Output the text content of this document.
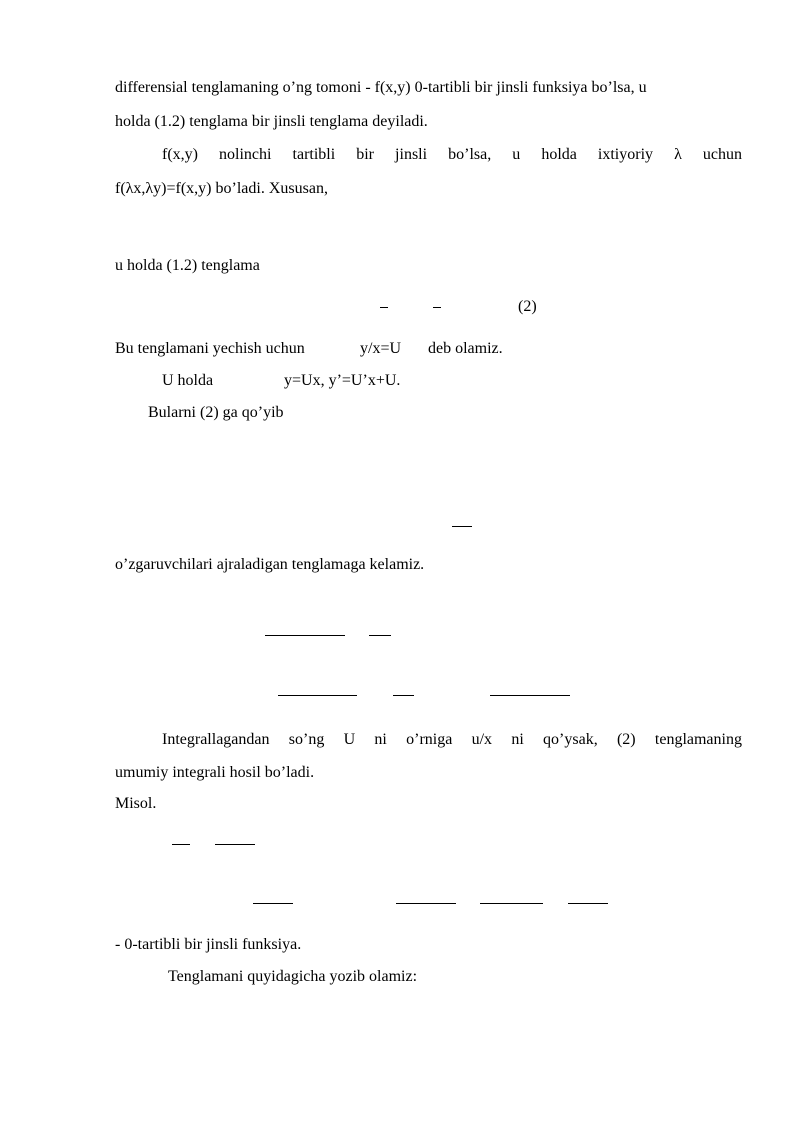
differensial tenglamaning o’ng tomoni - f(x,y) 0-tartibli bir jinsli funksiya bo’lsa, u
holda (1.2) tenglama bir jinsli tenglama deyiladi.
f(x,y) nolinchi tartibli bir jinsli bo’lsa, u holda ixtiyoriy λ uchun
f(λx,λy)=f(x,y) bo’ladi. Xususan,
u holda (1.2) tenglama
(2)
Bu tenglamani yechish uchun	y/x=U deb olamiz.
U holda	y=Ux, y’=U’x+U.
Bularni (2) ga qo’yib
o’zgaruvchilari ajraladigan tenglamaga kelamiz.
Integrallagandan so’ng U ni o’rniga u/x ni qo’ysak, (2) tenglamaning
umumiy integrali hosil bo’ladi.
Misol.
- 0-tartibli bir jinsli funksiya.
Tenglamani quyidagicha yozib olamiz:
